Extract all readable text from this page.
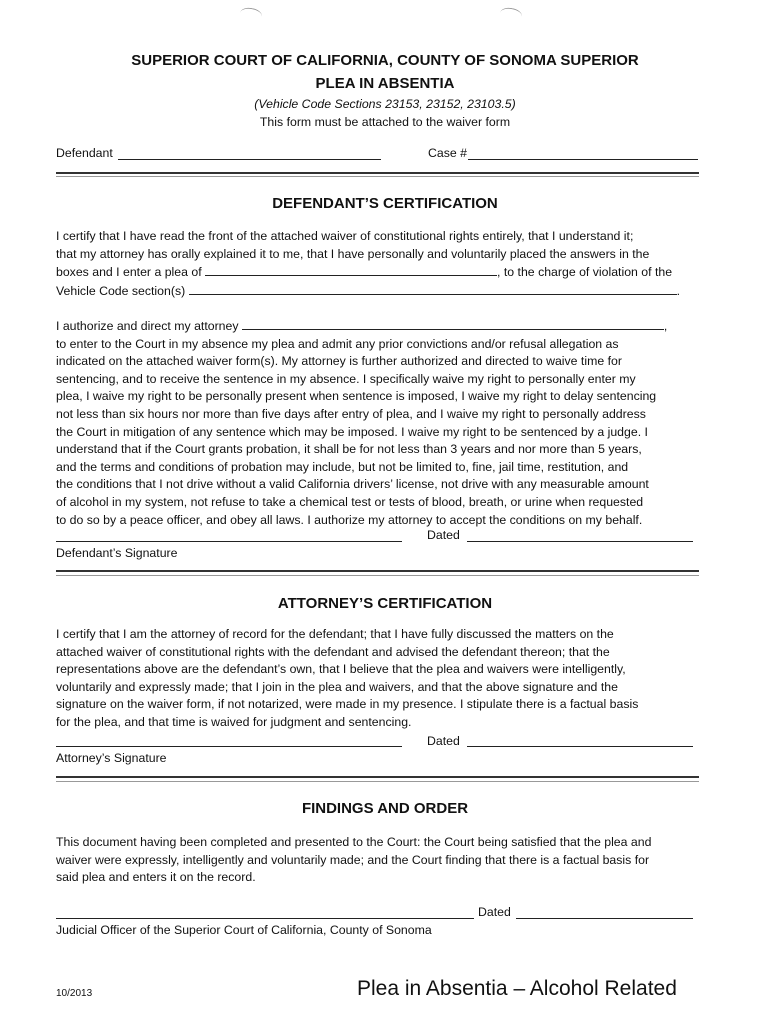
SUPERIOR COURT OF CALIFORNIA, COUNTY OF SONOMA SUPERIOR
PLEA IN ABSENTIA
(Vehicle Code Sections 23153, 23152, 23103.5)
This form must be attached to the waiver form
Defendant	Case #
DEFENDANT’S CERTIFICATION
I certify that I have read the front of the attached waiver of constitutional rights entirely, that I understand it;
that my attorney has orally explained it to me, that I have personally and voluntarily placed the answers in the
boxes and I enter a plea of	, to the charge of violation of the
Vehicle Code section(s)	.
I authorize and direct my attorney	,
to enter to the Court in my absence my plea and admit any prior convictions and/or refusal allegation as
indicated on the attached waiver form(s). My attorney is further authorized and directed to waive time for
sentencing, and to receive the sentence in my absence. I specifically waive my right to personally enter my
plea, I waive my right to be personally present when sentence is imposed, I waive my right to delay sentencing
not less than six hours nor more than five days after entry of plea, and I waive my right to personally address
the Court in mitigation of any sentence which may be imposed. I waive my right to be sentenced by a judge. I
understand that if the Court grants probation, it shall be for not less than 3 years and nor more than 5 years,
and the terms and conditions of probation may include, but not be limited to, fine, jail time, restitution, and
the conditions that I not drive without a valid California drivers’ license, not drive with any measurable amount
of alcohol in my system, not refuse to take a chemical test or tests of blood, breath, or urine when requested
to do so by a peace officer, and obey all laws. I authorize my attorney to accept the conditions on my behalf.
Dated
Defendant’s Signature
ATTORNEY’S CERTIFICATION
I certify that I am the attorney of record for the defendant; that I have fully discussed the matters on the
attached waiver of constitutional rights with the defendant and advised the defendant thereon; that the
representations above are the defendant’s own, that I believe that the plea and waivers were intelligently,
voluntarily and expressly made; that I join in the plea and waivers, and that the above signature and the
signature on the waiver form, if not notarized, were made in my presence. I stipulate there is a factual basis
for the plea, and that time is waived for judgment and sentencing.
Dated
Attorney’s Signature
FINDINGS AND ORDER
This document having been completed and presented to the Court: the Court being satisfied that the plea and
waiver were expressly, intelligently and voluntarily made; and the Court finding that there is a factual basis for
said plea and enters it on the record.
Dated
Judicial Officer of the Superior Court of California, County of Sonoma
10/2013	Plea in Absentia – Alcohol Related
